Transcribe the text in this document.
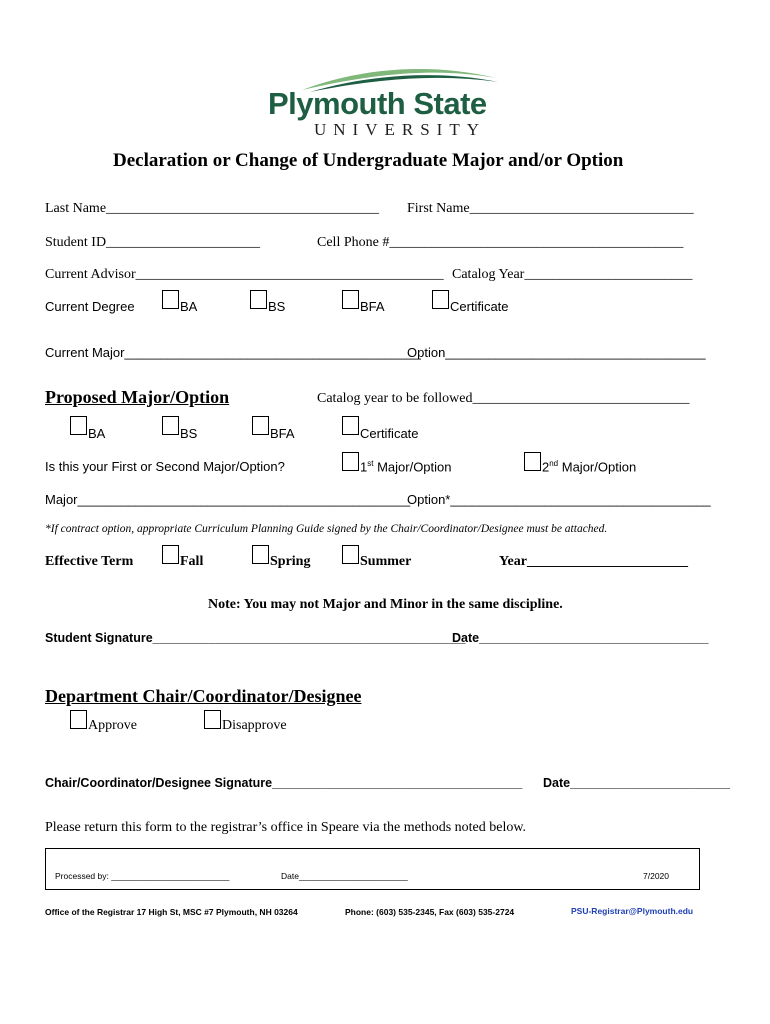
Plymouth State
UNIVERSITY
Declaration or Change of Undergraduate Major and/or Option
Last Name_______________________________________ First Name________________________________
Student ID______________________	Cell Phone #__________________________________________
Current Advisor____________________________________________ Catalog Year________________________
Current Degree	BA	BS	BFA	Certificate
Current Major_________________________________________
Option____________________________________
Proposed Major/Option	Catalog year to be followed_______________________________
BA	BS	BFA	Certificate
Is this your First or Second Major/Option?	1st Major/Option	2nd Major/Option
Major______________________________________________
Option*____________________________________
*If contract option, appropriate Curriculum Planning Guide signed by the Chair/Coordinator/Designee must be attached.
Effective Term	Fall	Spring	Summer	Year_______________________
Note: You may not Major and Minor in the same discipline.
Student Signature_____________________________________________
Date_________________________________
Department Chair/Coordinator/Designee
Approve	Disapprove
Chair/Coordinator/Designee Signature____________________________________ Date_______________________
Please return this form to the registrar’s office in Speare via the methods noted below.
Processed by: _________________________	Date_______________________	7/2020
Office of the Registrar 17 High St, MSC #7 Plymouth, NH 03264	Phone: (603) 535-2345, Fax (603) 535-2724	PSU-Registrar@Plymouth.edu
